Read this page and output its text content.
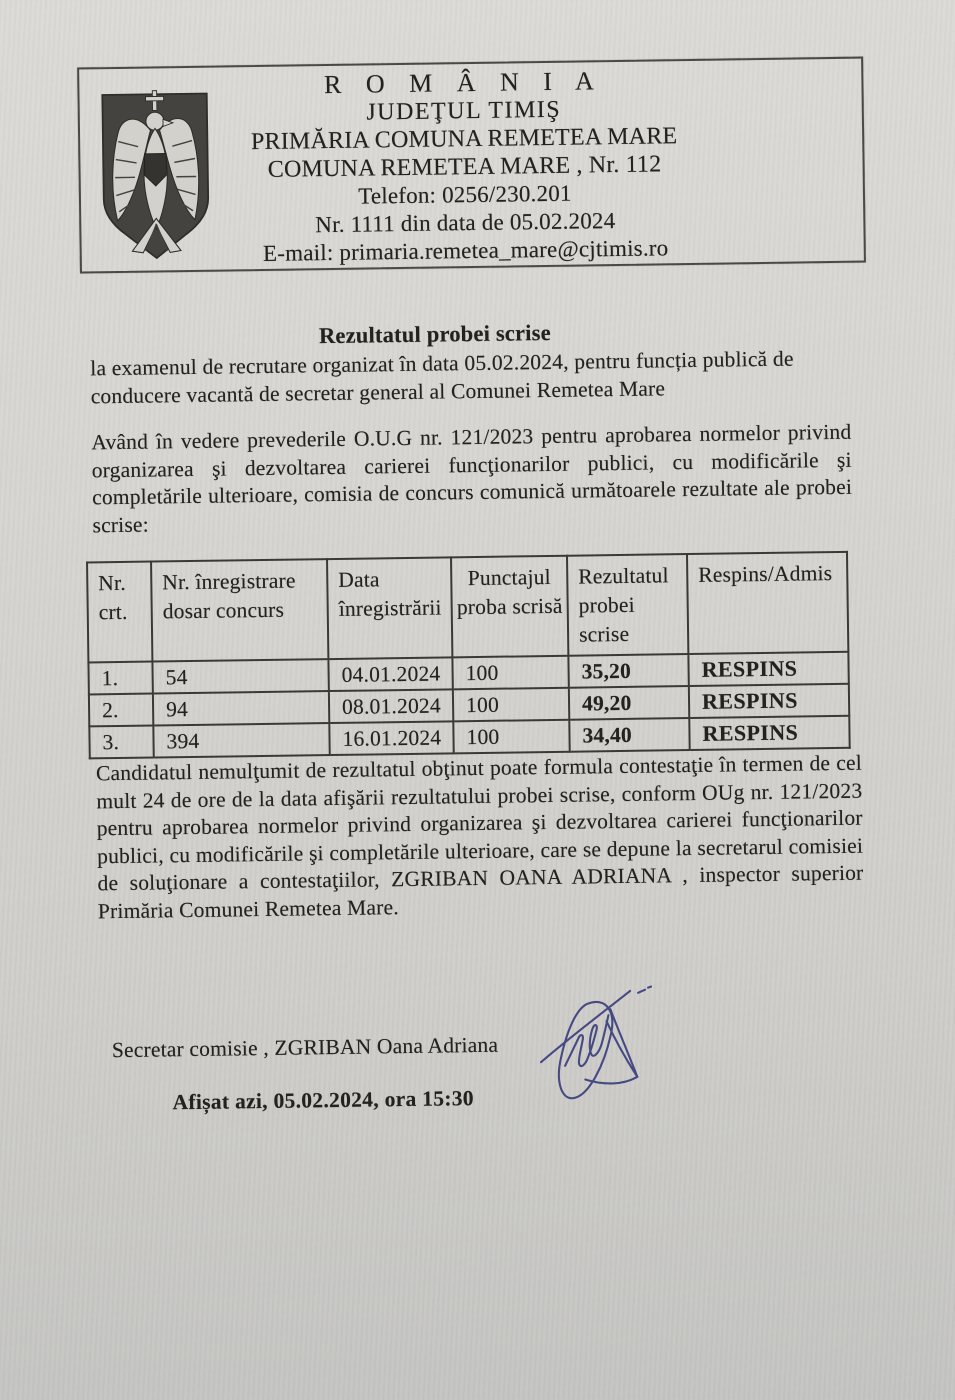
R O M Â N I A
JUDEŢUL TIMIŞ
PRIMĂRIA COMUNA REMETEA MARE
COMUNA REMETEA MARE , Nr. 112
Telefon: 0256/230.201
Nr. 1111 din data de 05.02.2024
E-mail: primaria.remetea_mare@cjtimis.ro
Rezultatul probei scrise
la examenul de recrutare organizat în data 05.02.2024, pentru funcția publică de conducere vacantă de secretar general al Comunei Remetea Mare
Având în vedere prevederile O.U.G nr. 121/2023 pentru aprobarea normelor privind organizarea şi dezvoltarea carierei funcţionarilor publici, cu modificările şi completările ulterioare, comisia de concurs comunică următoarele rezultate ale probei scrise:
Nr. crt.	Nr. înregistrare dosar concurs	Data înregistrării	Punctajul proba scrisă	Rezultatul probei scrise	Respins/Admis
1.	54	04.01.2024	100	35,20	RESPINS
2.	94	08.01.2024	100	49,20	RESPINS
3.	394	16.01.2024	100	34,40	RESPINS
Candidatul nemulţumit de rezultatul obţinut poate formula contestaţie în termen de cel mult 24 de ore de la data afişării rezultatului probei scrise, conform OUg nr. 121/2023 pentru aprobarea normelor privind organizarea şi dezvoltarea carierei funcţionarilor publici, cu modificările şi completările ulterioare, care se depune la secretarul comisiei de soluţionare a contestaţiilor, ZGRIBAN OANA ADRIANA , inspector superior Primăria Comunei Remetea Mare.
Secretar comisie , ZGRIBAN Oana Adriana
Afișat azi, 05.02.2024, ora 15:30
